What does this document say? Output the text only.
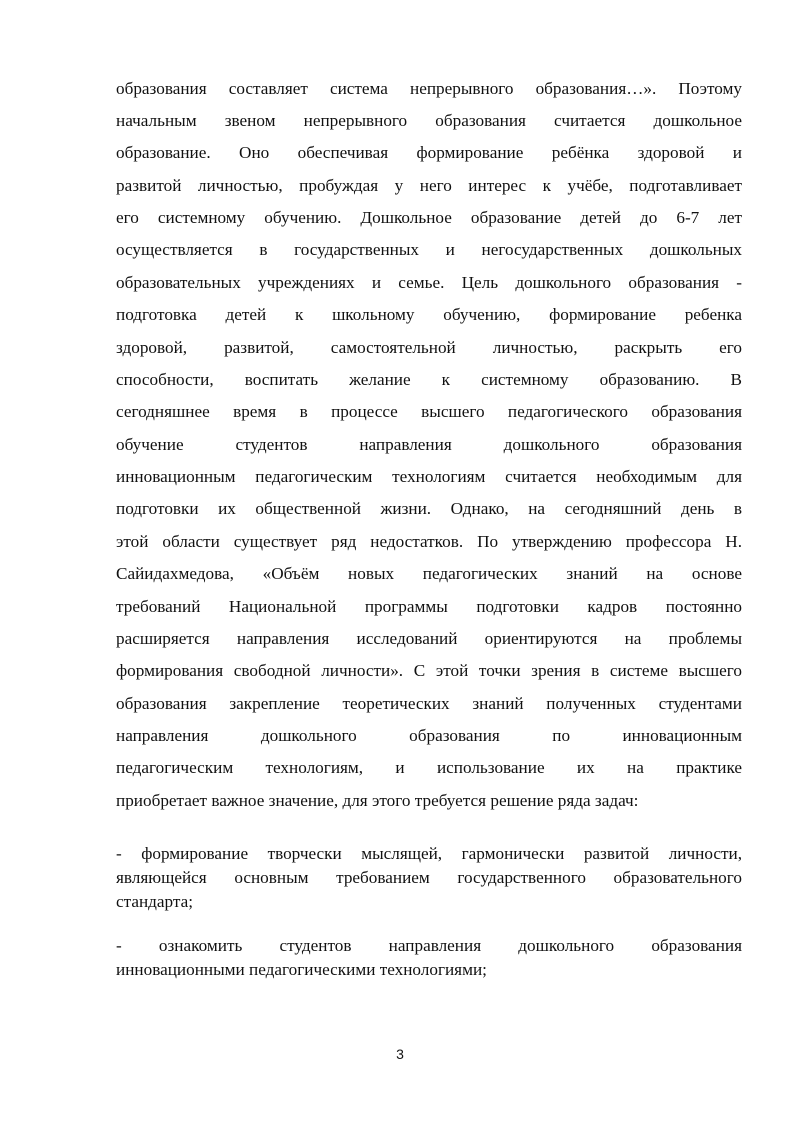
образования составляет система непрерывного образования…». Поэтому
начальным звеном непрерывного образования считается дошкольное
образование. Оно обеспечивая формирование ребёнка здоровой и
развитой личностью, пробуждая у него интерес к учёбе, подготавливает
его системному обучению. Дошкольное образование детей до 6-7 лет
осуществляется в государственных и негосударственных дошкольных
образовательных учреждениях и семье. Цель дошкольного образования -
подготовка детей к школьному обучению, формирование ребенка
здоровой, развитой, самостоятельной личностью, раскрыть его
способности, воспитать желание к системному образованию. В
сегодняшнее время в процессе высшего педагогического образования
обучение студентов направления дошкольного образования
инновационным педагогическим технологиям считается необходимым для
подготовки их общественной жизни. Однако, на сегодняшний день в
этой области существует ряд недостатков. По утверждению профессора Н.
Сайидахмедова, «Объём новых педагогических знаний на основе
требований Национальной программы подготовки кадров постоянно
расширяется направления исследований ориентируются на проблемы
формирования свободной личности». С этой точки зрения в системе высшего
образования закрепление теоретических знаний полученных студентами
направления дошкольного образования по инновационным
педагогическим технологиям, и использование их на практике
приобретает важное значение, для этого требуется решение ряда задач:
- формирование творчески мыслящей, гармонически развитой личности,
являющейся основным требованием государственного образовательного
стандарта;
- ознакомить студентов направления дошкольного образования
инновационными педагогическими технологиями;
3
